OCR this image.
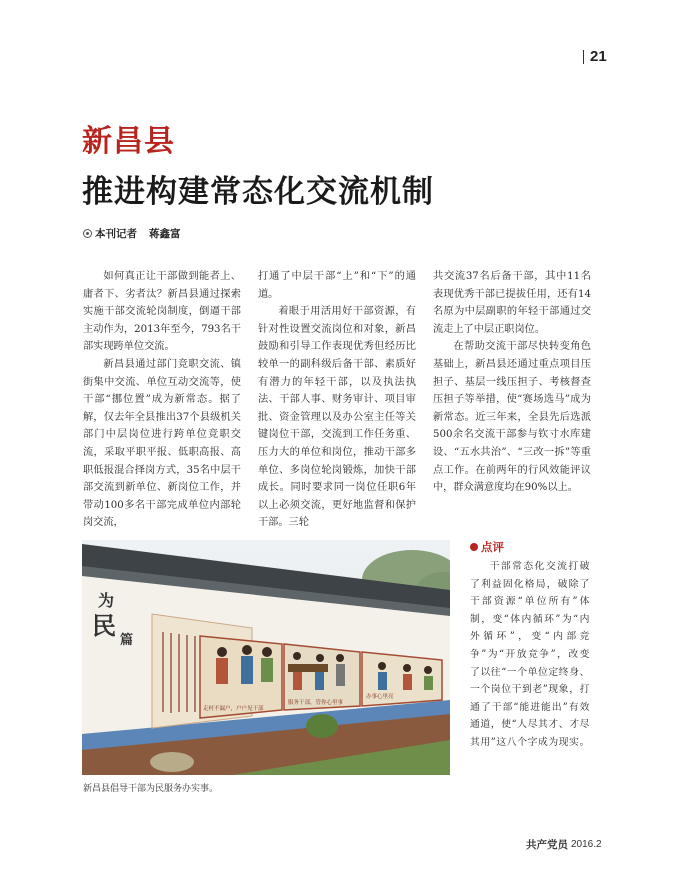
21
新昌县
推进构建常态化交流机制
本刊记者 蒋鑫富

如何真正让干部做到能者上、庸者下、劣者汰？新昌县通过探索实施干部交流轮岗制度，倒逼干部主动作为，2013年至今，793名干部实现跨单位交流。

新昌县通过部门竞职交流、镇街集中交流、单位互动交流等，使干部“挪位置”成为新常态。据了解，仅去年全县推出37个县级机关部门中层岗位进行跨单位竞职交流，采取平职平报、低职高报、高职低报混合择岗方式，35名中层干部交流到新单位、新岗位工作，并带动100多名干部完成单位内部轮岗交流，

打通了中层干部“上”和“下”的通道。

着眼于用活用好干部资源，有针对性设置交流岗位和对象，新昌鼓励和引导工作表现优秀但经历比较单一的副科级后备干部、素质好有潜力的年轻干部，以及执法执法、干部人事、财务审计、项目审批、资金管理以及办公室主任等关键岗位干部，交流到工作任务重、压力大的单位和岗位，推动干部多单位、多岗位轮岗锻炼，加快干部成长。同时要求同一岗位任职6年以上必须交流，更好地监督和保护干部。三轮

共交流37名后备干部，其中11名表现优秀干部已提拔任用，还有14名原为中层副职的年轻干部通过交流走上了中层正职岗位。

在帮助交流干部尽快转变角色基础上，新昌县还通过重点项目压担子、基层一线压担子、考核督查压担子等举措，使“赛场选马”成为新常态。近三年来，全县先后选派500余名交流干部参与钦寸水库建设、“五水共治”、“三改一拆”等重点工作。在前两年的行风效能评议中，群众满意度均在90%以上。

走村不漏户，户户见干部
服务干部，管你心里事
办事心里亮
为
民
篇
新昌县倡导干部为民服务办实事。
点评

干部常态化交流打破了利益固化格局，破除了干部资源“单位所有”体制，变“体内循环”为“内外循环”，变“内部竞争”为“开放竞争”，改变了以往“一个单位定终身、一个岗位干到老”现象，打通了干部“能进能出”有效通道，使“人尽其才、才尽其用”这八个字成为现实。

共产党员 2016.2
